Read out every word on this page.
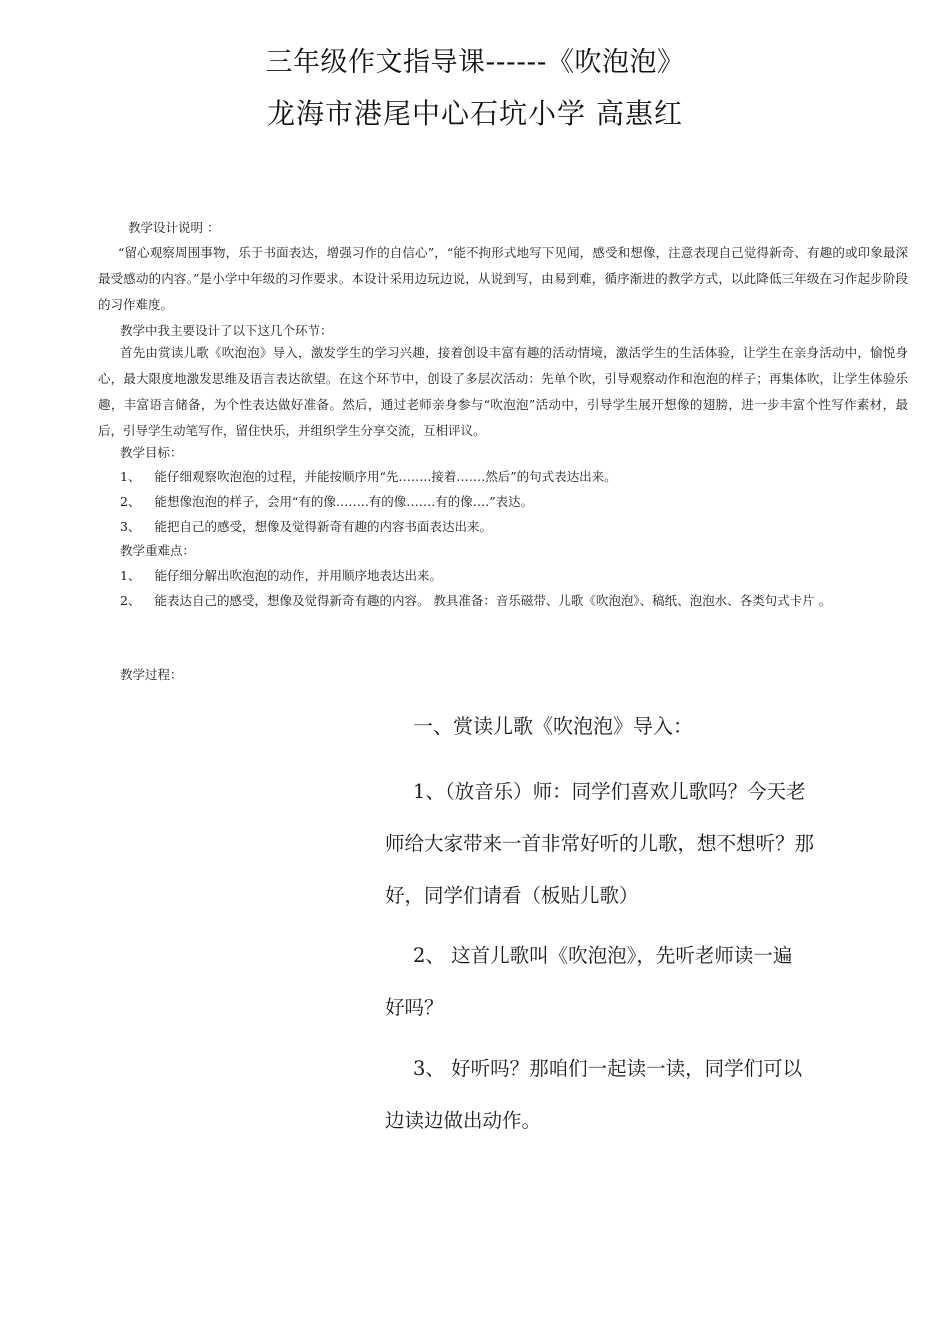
三年级作文指导课------《吹泡泡》
龙海市港尾中心石坑小学 高惠红
教学设计说明 ：
“留心观察周围事物，乐于书面表达，增强习作的自信心”，“能不拘形式地写下见闻，感受和想像，注意表现自己觉得新奇、有趣的或印象最深最受感动的内容。”是小学中年级的习作要求。本设计采用边玩边说，从说到写，由易到难，循序渐进的教学方式，以此降低三年级在习作起步阶段的习作难度。
教学中我主要设计了以下这几个环节：
首先由赏读儿歌《吹泡泡》导入，激发学生的学习兴趣，接着创设丰富有趣的活动情境，激活学生的生活体验，让学生在亲身活动中，愉悦身心，最大限度地激发思维及语言表达欲望。在这个环节中，创设了多层次活动：先单个吹，引导观察动作和泡泡的样子；再集体吹，让学生体验乐趣，丰富语言储备，为个性表达做好准备。然后，通过老师亲身参与“吹泡泡”活动中，引导学生展开想像的翅膀，进一步丰富个性写作素材，最后，引导学生动笔写作，留住快乐，并组织学生分享交流，互相评议。
教学目标：
1、 能仔细观察吹泡泡的过程，并能按顺序用“先……..接着…….然后”的句式表达出来。
2、 能想像泡泡的样子，会用“有的像……..有的像…….有的像….”表达。
3、 能把自己的感受，想像及觉得新奇有趣的内容书面表达出来。
教学重难点：
1、 能仔细分解出吹泡泡的动作，并用顺序地表达出来。
2、 能表达自己的感受，想像及觉得新奇有趣的内容。 教具准备：音乐磁带、儿歌《吹泡泡》、稿纸、泡泡水、各类句式卡片 。
教学过程：
一、赏读儿歌《吹泡泡》导入：
1、（放音乐）师：同学们喜欢儿歌吗？今天老
师给大家带来一首非常好听的儿歌，想不想听？那
好，同学们请看（板贴儿歌）
2、 这首儿歌叫《吹泡泡》，先听老师读一遍
好吗？
3、 好听吗？那咱们一起读一读，同学们可以
边读边做出动作。
